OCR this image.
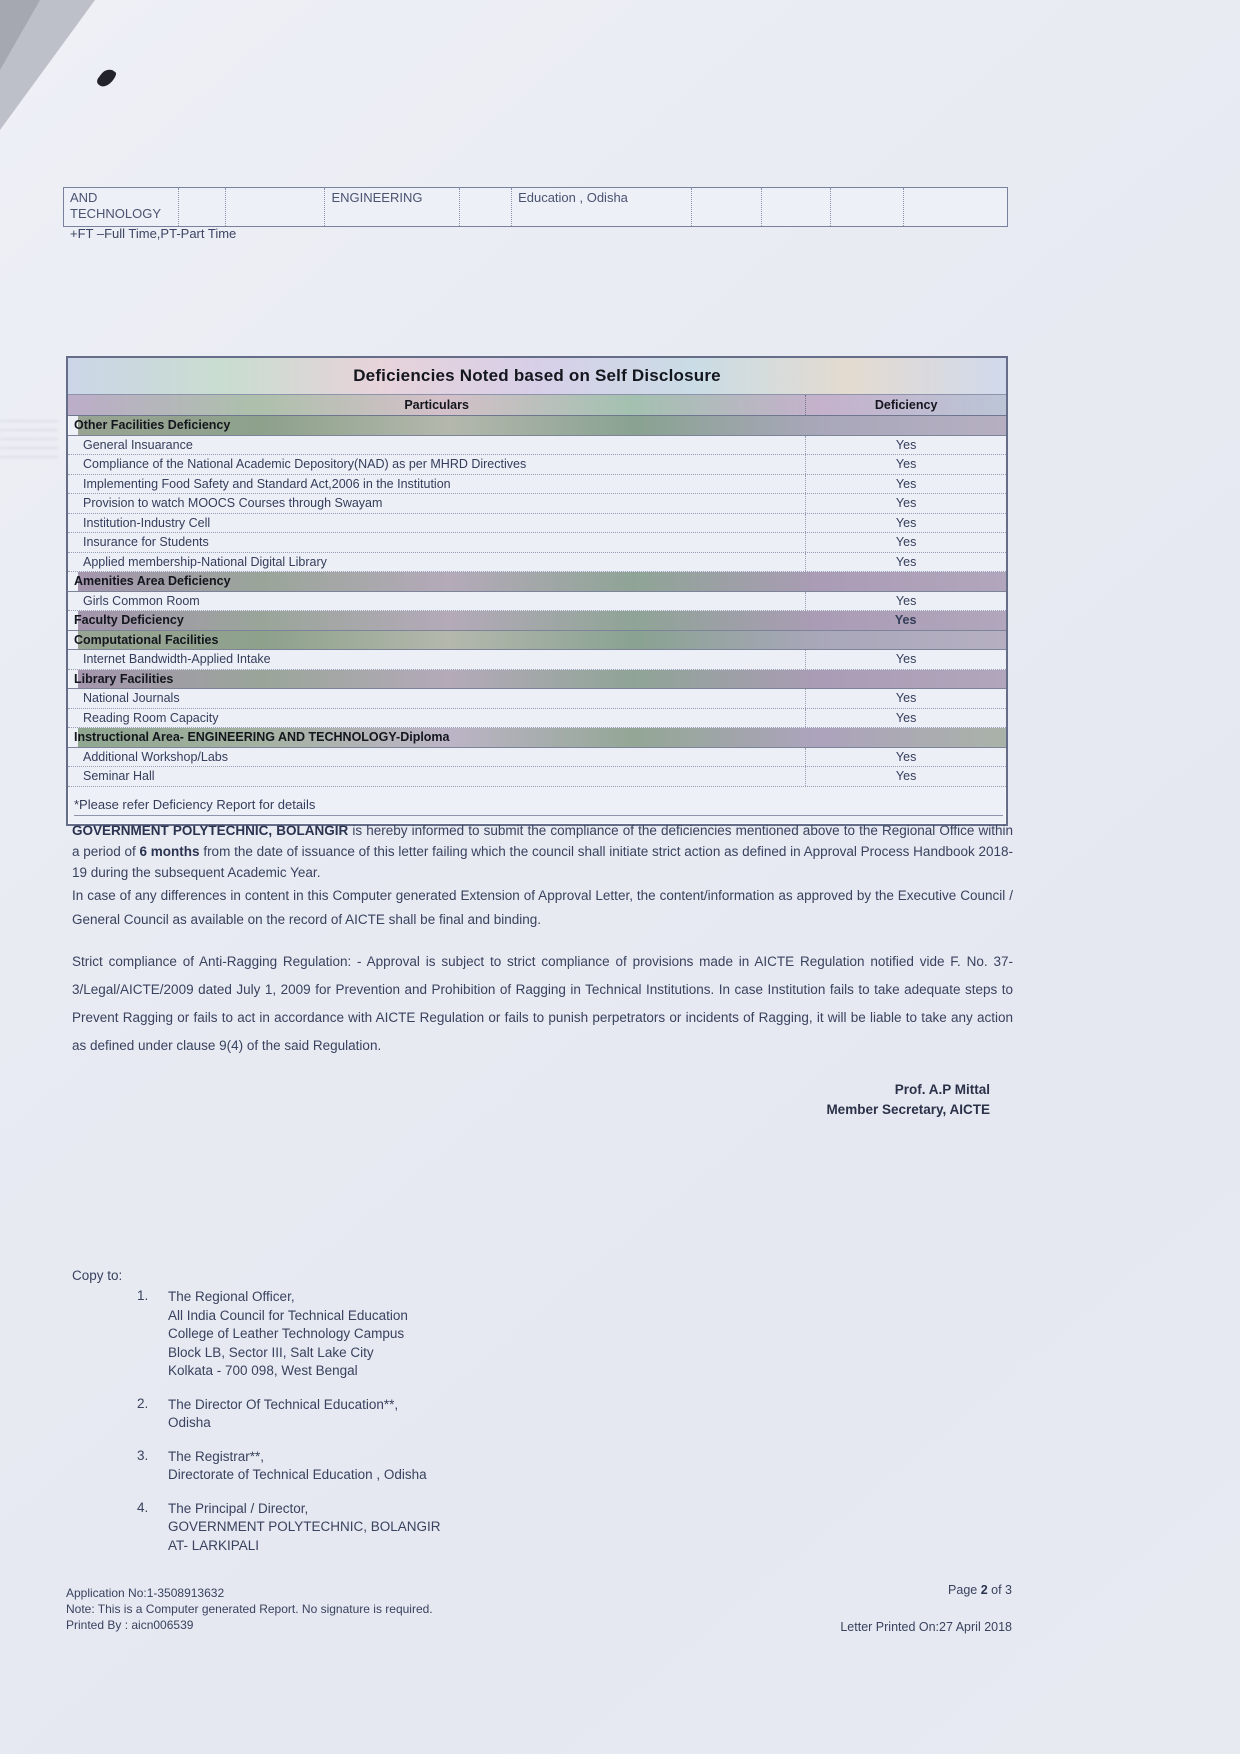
AND TECHNOLOGY
ENGINEERING	Education , Odisha
+FT –Full Time,PT-Part Time
Deficiencies Noted based on Self Disclosure
Particulars	Deficiency
Other Facilities Deficiency
General Insuarance	Yes
Compliance of the National Academic Depository(NAD) as per MHRD Directives	Yes
Implementing Food Safety and Standard Act,2006 in the Institution	Yes
Provision to watch MOOCS Courses through Swayam	Yes
Institution-Industry Cell	Yes
Insurance for Students	Yes
Applied membership-National Digital Library	Yes
Amenities Area Deficiency
Girls Common Room	Yes
Faculty Deficiency	Yes
Computational Facilities
Internet Bandwidth-Applied Intake	Yes
Library Facilities
National Journals	Yes
Reading Room Capacity	Yes
Instructional Area- ENGINEERING AND TECHNOLOGY-Diploma
Additional Workshop/Labs	Yes
Seminar Hall	Yes
*Please refer Deficiency Report for details

GOVERNMENT POLYTECHNIC, BOLANGIR is hereby informed to submit the compliance of the deficiencies mentioned above to the Regional Office within a period of 6 months from the date of issuance of this letter failing which the council shall initiate strict action as defined in Approval Process Handbook 2018-19 during the subsequent Academic Year.

In case of any differences in content in this Computer generated Extension of Approval Letter, the content/information as approved by the Executive Council / General Council as available on the record of AICTE shall be final and binding.

Strict compliance of Anti-Ragging Regulation: - Approval is subject to strict compliance of provisions made in AICTE Regulation notified vide F. No. 37-3/Legal/AICTE/2009 dated July 1, 2009 for Prevention and Prohibition of Ragging in Technical Institutions. In case Institution fails to take adequate steps to Prevent Ragging or fails to act in accordance with AICTE Regulation or fails to punish perpetrators or incidents of Ragging, it will be liable to take any action as defined under clause 9(4) of the said Regulation.

Prof. A.P Mittal
Member Secretary, AICTE
Copy to:
1.	The Regional Officer,
All India Council for Technical Education
College of Leather Technology Campus
Block LB, Sector III, Salt Lake City
Kolkata - 700 098, West Bengal
2.	The Director Of Technical Education**,
Odisha
3.	The Registrar**,
Directorate of Technical Education , Odisha
4.	The Principal / Director,
GOVERNMENT POLYTECHNIC, BOLANGIR
AT- LARKIPALI
Application No:1-3508913632
Note: This is a Computer generated Report. No signature is required.
Printed By : aicn006539
Page 2 of 3
Letter Printed On:27 April 2018
